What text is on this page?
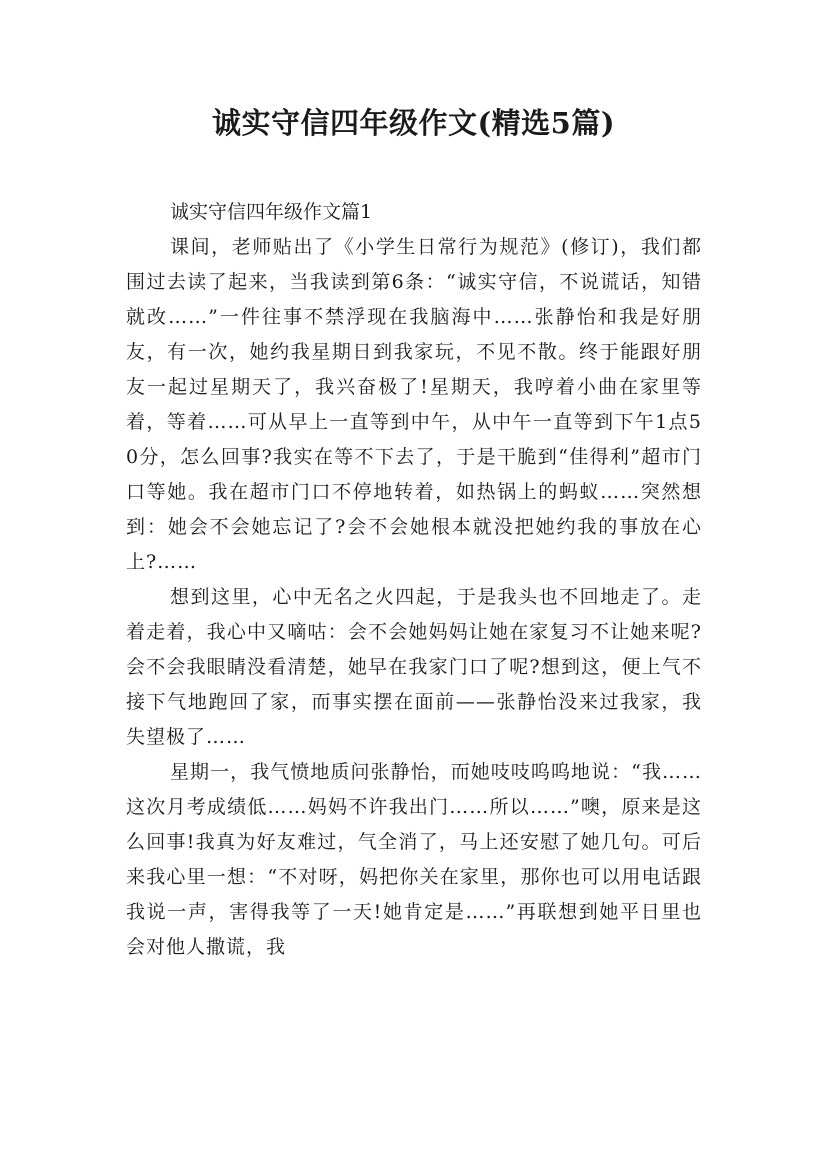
诚实守信四年级作文(精选5篇)

诚实守信四年级作文篇1

课间，老师贴出了《小学生日常行为规范》(修订)，我们都围过去读了起来，当我读到第6条：“诚实守信，不说谎话，知错就改……”一件往事不禁浮现在我脑海中……张静怡和我是好朋友，有一次，她约我星期日到我家玩，不见不散。终于能跟好朋友一起过星期天了，我兴奋极了!星期天，我哼着小曲在家里等着，等着……可从早上一直等到中午，从中午一直等到下午1点50分，怎么回事?我实在等不下去了，于是干脆到“佳得利”超市门口等她。我在超市门口不停地转着，如热锅上的蚂蚁……突然想到：她会不会她忘记了?会不会她根本就没把她约我的事放在心上?……

想到这里，心中无名之火四起，于是我头也不回地走了。走着走着，我心中又嘀咕：会不会她妈妈让她在家复习不让她来呢?会不会我眼睛没看清楚，她早在我家门口了呢?想到这，便上气不接下气地跑回了家，而事实摆在面前——张静怡没来过我家，我失望极了……

星期一，我气愤地质问张静怡，而她吱吱呜呜地说：“我……这次月考成绩低……妈妈不许我出门……所以……”噢，原来是这么回事!我真为好友难过，气全消了，马上还安慰了她几句。可后来我心里一想：“不对呀，妈把你关在家里，那你也可以用电话跟我说一声，害得我等了一天!她肯定是……”再联想到她平日里也会对他人撒谎，我
